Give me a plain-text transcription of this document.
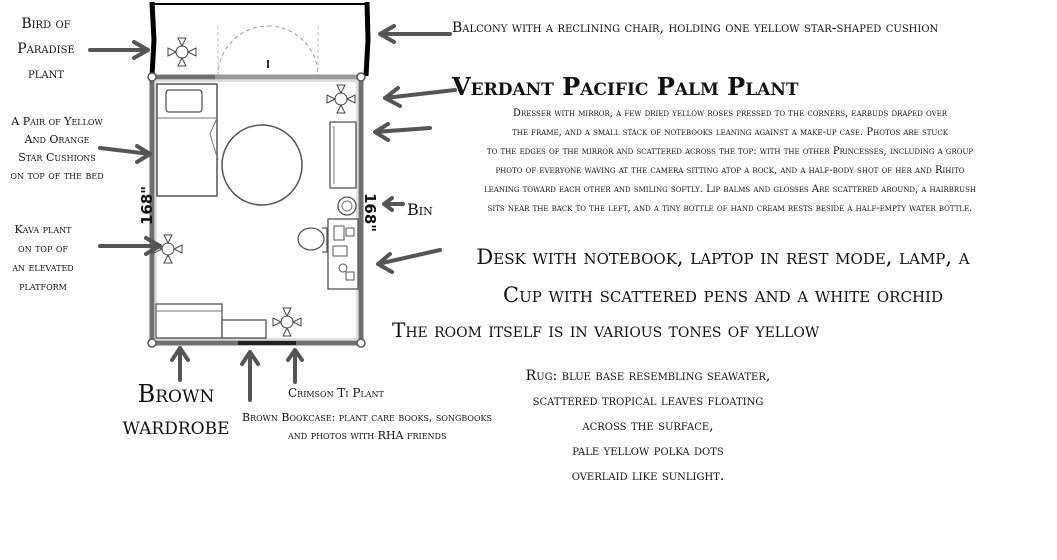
168"	168"
Bird of
Paradise
plant
A Pair of Yellow
And Orange
Star Cushions
on top of the bed
Kava plant
on top of
an elevated
platform
Brown
wardrobe
Crimson Ti Plant
Brown Bookcase: plant care books, songbooks
and photos with RHA friends
Balcony with a reclining chair, holding one yellow star-shaped cushion
Verdant Pacific Palm Plant
Dresser with mirror, a few dried yellow roses pressed to the corners, earbuds draped over
the frame, and a small stack of notebooks leaning against a make-up case. Photos are stuck
to the edges of the mirror and scattered across the top: with the other Princesses, including a group
photo of everyone waving at the camera sitting atop a rock, and a half-body shot of her and Rihito
leaning toward each other and smiling softly. Lip balms and glosses Are scattered around, a hairbrush
sits near the back to the left, and a tiny bottle of hand cream rests beside a half-empty water bottle.
Bin
Desk with notebook, laptop in rest mode, lamp, a
Cup with scattered pens and a white orchid
The room itself is in various tones of yellow
Rug: blue base resembling seawater,
scattered tropical leaves floating
across the surface,
pale yellow polka dots
overlaid like sunlight.
